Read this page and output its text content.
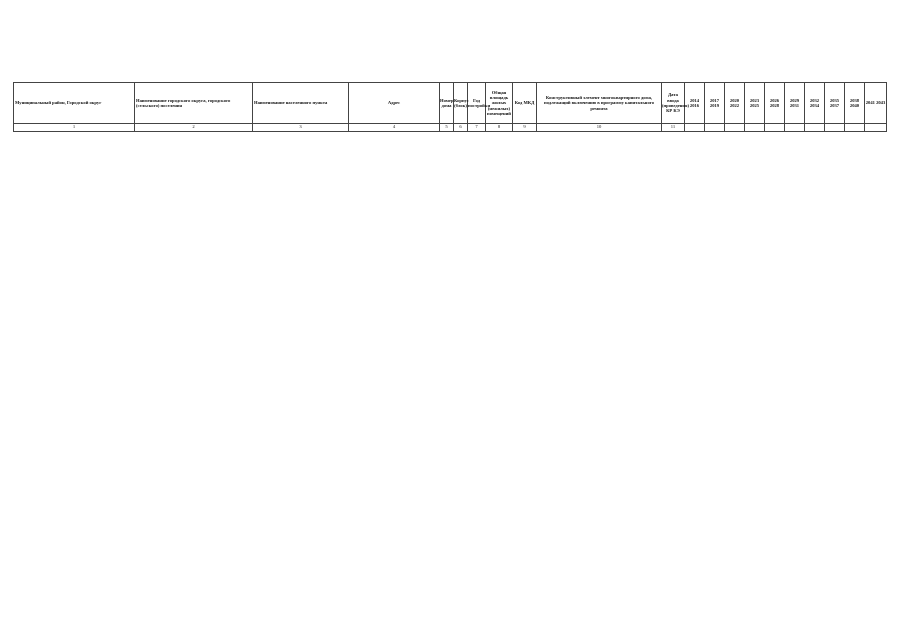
Муниципальный район, Городской округ	Наименование городского округа, городского (сельского) поселения	Наименование населенного пункта	Адрес	Номер дома	Корпус (блок)	Год постройки	Общая площадь жилых (нежилых) помещений	Код МКД	Конструктивный элемент многоквартирного дома, подлежащий включению в программу капитального ремонта	Дата ввода (проведения) КР КЭ	2014 2016	2017 2019	2020 2022	2023 2025	2026 2028	2029 2031	2032 2034	2035 2037	2038 2040	2041 2043
1	2	3	4	5	6	7	8	9	10	11										
